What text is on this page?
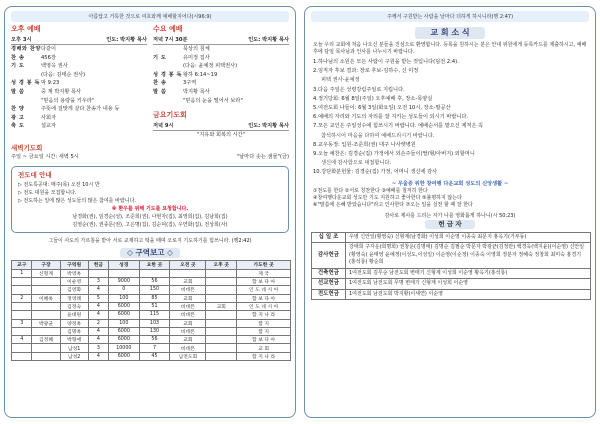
아름답고 거룩한 것으로 여호와께 예배할지어다(시96:9)
오후 예배
오후 3시	인도: 박지황 목사
경배와 찬양 다같이
찬 송	456장
기 도	백영옥 권사
(다음: 김태순 권사)
성 경 봉 독 막 9:23
말 씀	중 계 박지황 목사
"믿음의 용량을 키우라"
찬 양	주뜻에 걸맞게 살다 찬송가 내용 등
광 고	사회자
축 도	설교자
수요 예배
저녁 7시 30분	인도: 박지황 목사
묵상의 침체
기 도	유미정 집사
(다음: 윤예정 피택권사)
성 경 봉 독 왕하 6:14~19
찬 송	3구역
말 씀	박지황 목사
"믿음의 눈을 떨어서 보라"
금요기도회
저녁 9시	인도: 박지황 목사
"지유와 회복의 시간"
새벽기도회
주일 ~ 금요일 시간: 새벽 5시	"날마다 솟는 샘물"(금)
전도대 안내
▷ 전도특공대: 매주(목) 오전 10시 반
▷ 전도 대원을 모집합니다.
▷ 전도하는 일에 많은 성도들의 많은 참여를 바랍니다.
※ 환우를 위해 기도를 요청합니다.
남경화(권), 임경순(성), 조준희(권), 나현자(집), 최영희(집), 김남희(집)
김영순(권), 권종문(권), 고은명(집), 김순덕(집), 우연화(집), 전상희(사)
그들이 사도의 가르침을 받아 서로 교제하고 떡을 떼며 오로지 기도하기를 힘쓰니라. (행2:42)
◇ 구역보고 ◇
교구	구장	구역원	헌금	성경	요한 곳	오전 곳	오후 곳	가도한 곳
1	신형계	박영옥						제 국
		이순영	3	9000	56	교회		합 보 다 아
		김영화	4	0	150	비데폰		인 도 네 시 아
2	이혜옥	정영례	5	100	85	교회		합 보 다 아
		김정숙	4	6000	51	비데폰	교회	인 도 네 시 아
		윤대원	4	6000	115	비데폰		합 지 나 라
3	박광균	양정옥	2	100	103	교회		합 지
		김명옥	4	6000	130	비데폰		합 지
4	김정혜	박형애	4	6000	56	교회		합 보 다 아
		남성1	3	10000	7	비데폰		교 회
		남성2	4	6000	45	남전도회		합 지 나 라
주께서 구원받는 사람을 날마다 더하게 하시니라(행 2:47)
교 회 소 식
오늘 우리 교회에 처음 나오신 분들을 진심으로 환영합니다. 등록을 원하시는 분은 안내 위원에게 등록카드를 제출하시고, 예배 후에 담임 목사님과 인사를 나누시기 바랍니다.
1.하나님의 소원은 모든 사람이 구원을 받는 것입니다(딤전 2:4).
2.임직자 후보 결과: 장로 후보-김하수, 신 미정
피택 권사-윤예정
3.다음 주일은 성령강림주일로 지킵니다.
4.정기당회: 6월 8일(주일) 오후예배 후, 장소-목양실
5.여전도회 나들이: 6월 3일(화요일) 오전 10시, 장소-팔공산
6.예배의 자리와 기도의 자리를 잘 지키는 성도들이 되시기 바랍니다.
7.모든 교인은 주일성수에 힘쓰시기 바랍니다. 예배순서를 맡으신 제직은 꼭
참석하시어 마음을 다하여 예배드리시기 바랍니다.
8.교우동정: 입원-조준희(권) 대구 나사렛병원
9.오늘 예찬은: 김경순(집) 가정에서 외손주들이(딸/형/아버지) 외할머니
생신에 감사함으로 대접합니다.
10.강단화분헌물: 김경순(집) 가정, 어머니 생신에 감사
~ 우울증 위한 창여행 다운교회 성도의 신앙생활 ~
①천도를 한다 ②서로 칭찬한다 ③예배를 철저히 한다
④창여행다운교회 성도만 기도 지원하고 좋아한다 ⑤불평하지 않는다
⑥"말씀에 은혜 받았습니다"라고 인사한다 ⑦오는 일을 실천 할 때 잘 한다
감사로 제사를 드리는 자가 나를 영화롭게 하나니(시 50:23)
헌 금 자
십 일 조	우병 신안일(황영숙) 신형계(남경화) 이성희 이순영 이종숙 최문지 홍옥기(기부동)
감사헌금	강태희 구자운(희명희) 권창운(김명애) 김명순 김필순 박문자 박광균(김정란) 백경옥(백지윤)(이순영) 신안일(황영숙) 윤태영 윤예정(이성도,이성일) 이순영(이순정) 이종숙 이영희 정분자 정혜숙 정창희 최미숙 홍경기(홍석룡) 황순희
건축헌금	1여전도회 김무순 남전도회 변태기 신형계 이성희 이순영 황옥기(홍석룡)
선교헌금	1여전도회 남전도회 무명 변태기 신형계 이성희 이순영
전도헌금	1여전도회 남전도회 박지황(이세연) 이순영
